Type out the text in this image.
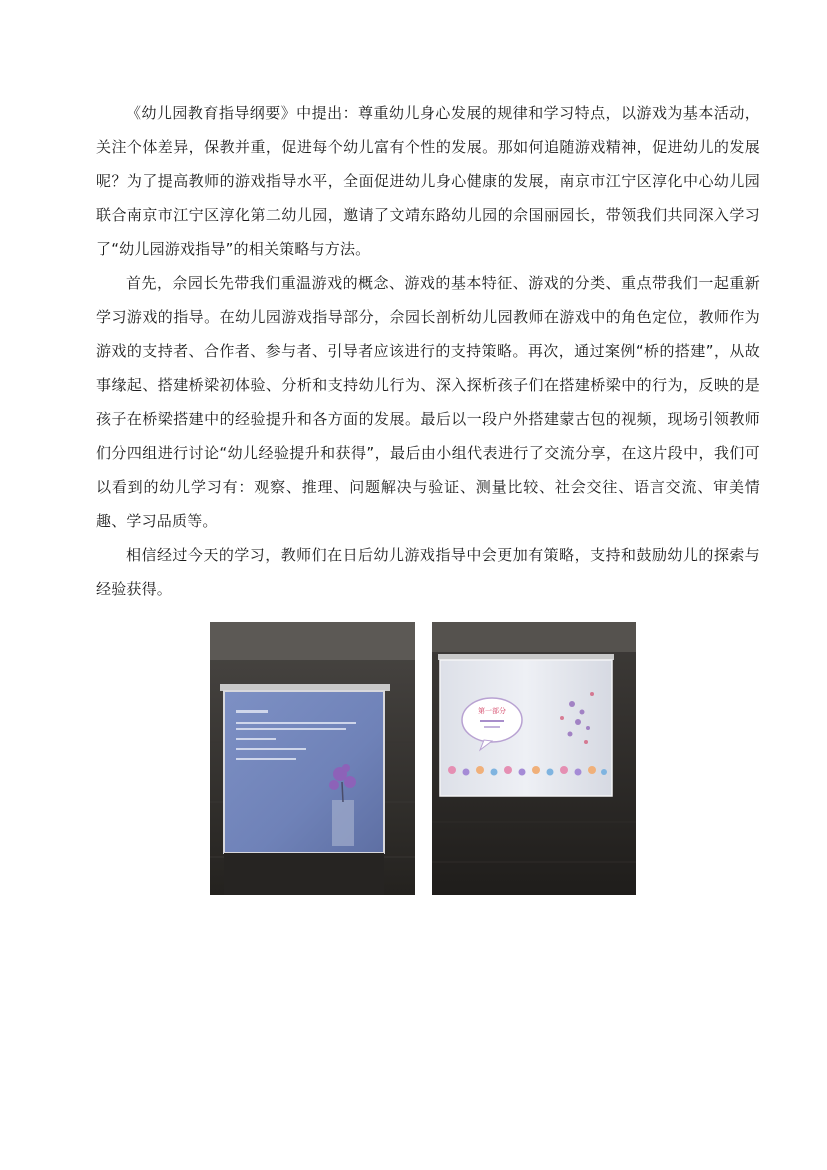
《幼儿园教育指导纲要》中提出：尊重幼儿身心发展的规律和学习特点，以游戏为基本活动，关注个体差异，保教并重，促进每个幼儿富有个性的发展。那如何追随游戏精神，促进幼儿的发展呢？为了提高教师的游戏指导水平，全面促进幼儿身心健康的发展，南京市江宁区淳化中心幼儿园联合南京市江宁区淳化第二幼儿园，邀请了文靖东路幼儿园的佘国丽园长，带领我们共同深入学习了“幼儿园游戏指导”的相关策略与方法。

首先，佘园长先带我们重温游戏的概念、游戏的基本特征、游戏的分类、重点带我们一起重新学习游戏的指导。在幼儿园游戏指导部分，佘园长剖析幼儿园教师在游戏中的角色定位，教师作为游戏的支持者、合作者、参与者、引导者应该进行的支持策略。再次，通过案例“桥的搭建”，从故事缘起、搭建桥梁初体验、分析和支持幼儿行为、深入探析孩子们在搭建桥梁中的行为，反映的是孩子在桥梁搭建中的经验提升和各方面的发展。最后以一段户外搭建蒙古包的视频，现场引领教师们分四组进行讨论“幼儿经验提升和获得”，最后由小组代表进行了交流分享，在这片段中，我们可以看到的幼儿学习有：观察、推理、问题解决与验证、测量比较、社会交往、语言交流、审美情趣、学习品质等。

相信经过今天的学习，教师们在日后幼儿游戏指导中会更加有策略，支持和鼓励幼儿的探索与经验获得。

第一部分
